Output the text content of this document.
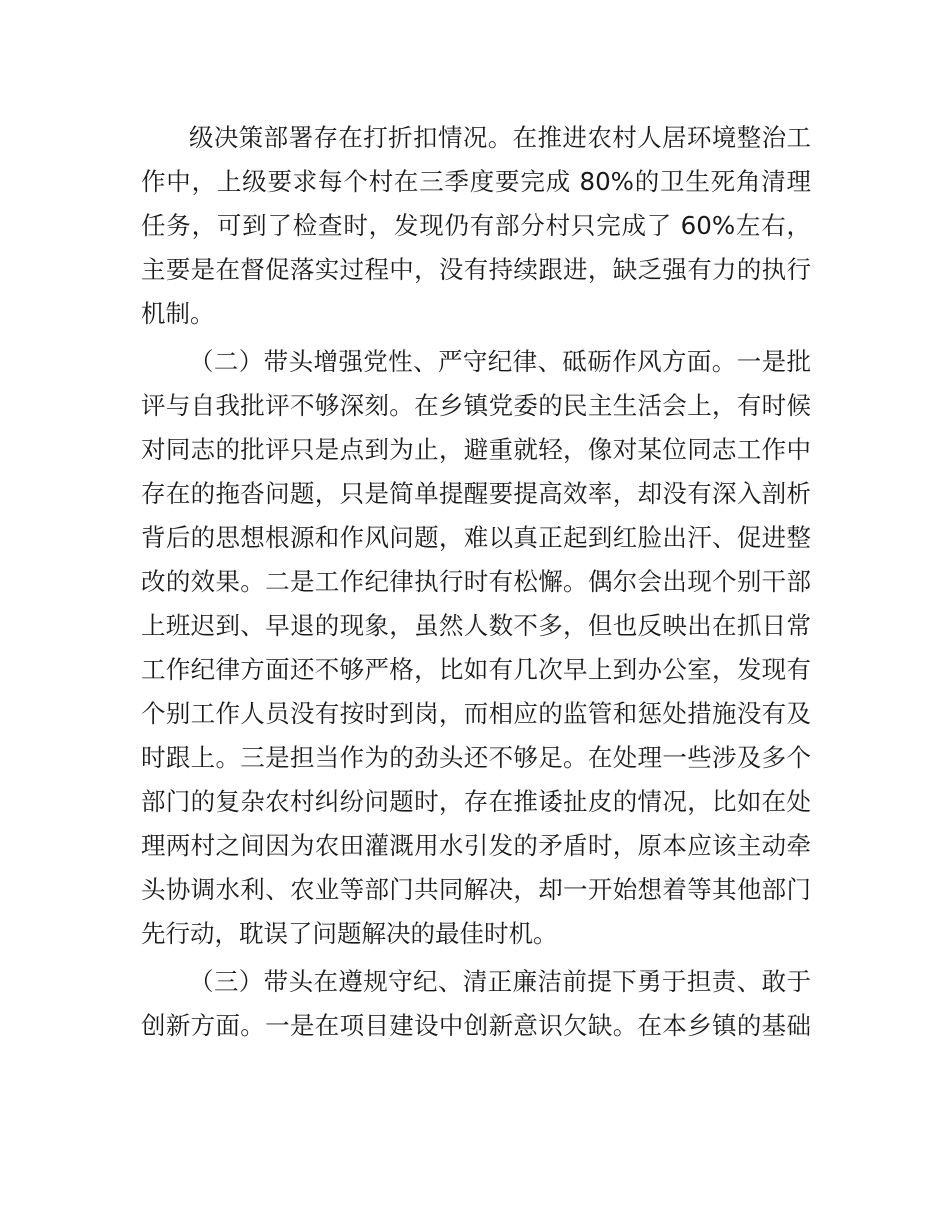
级决策部署存在打折扣情况。在推进农村人居环境整治工
作中，上级要求每个村在三季度要完成 80%的卫生死角清理
任务，可到了检查时，发现仍有部分村只完成了 60%左右，
主要是在督促落实过程中，没有持续跟进，缺乏强有力的执行
机制。
（二）带头增强党性、严守纪律、砥砺作风方面。一是批
评与自我批评不够深刻。在乡镇党委的民主生活会上，有时候
对同志的批评只是点到为止，避重就轻，像对某位同志工作中
存在的拖沓问题，只是简单提醒要提高效率，却没有深入剖析
背后的思想根源和作风问题，难以真正起到红脸出汗、促进整
改的效果。二是工作纪律执行时有松懈。偶尔会出现个别干部
上班迟到、早退的现象，虽然人数不多，但也反映出在抓日常
工作纪律方面还不够严格，比如有几次早上到办公室，发现有
个别工作人员没有按时到岗，而相应的监管和惩处措施没有及
时跟上。三是担当作为的劲头还不够足。在处理一些涉及多个
部门的复杂农村纠纷问题时，存在推诿扯皮的情况，比如在处
理两村之间因为农田灌溉用水引发的矛盾时，原本应该主动牵
头协调水利、农业等部门共同解决，却一开始想着等其他部门
先行动，耽误了问题解决的最佳时机。
（三）带头在遵规守纪、清正廉洁前提下勇于担责、敢于
创新方面。一是在项目建设中创新意识欠缺。在本乡镇的基础
